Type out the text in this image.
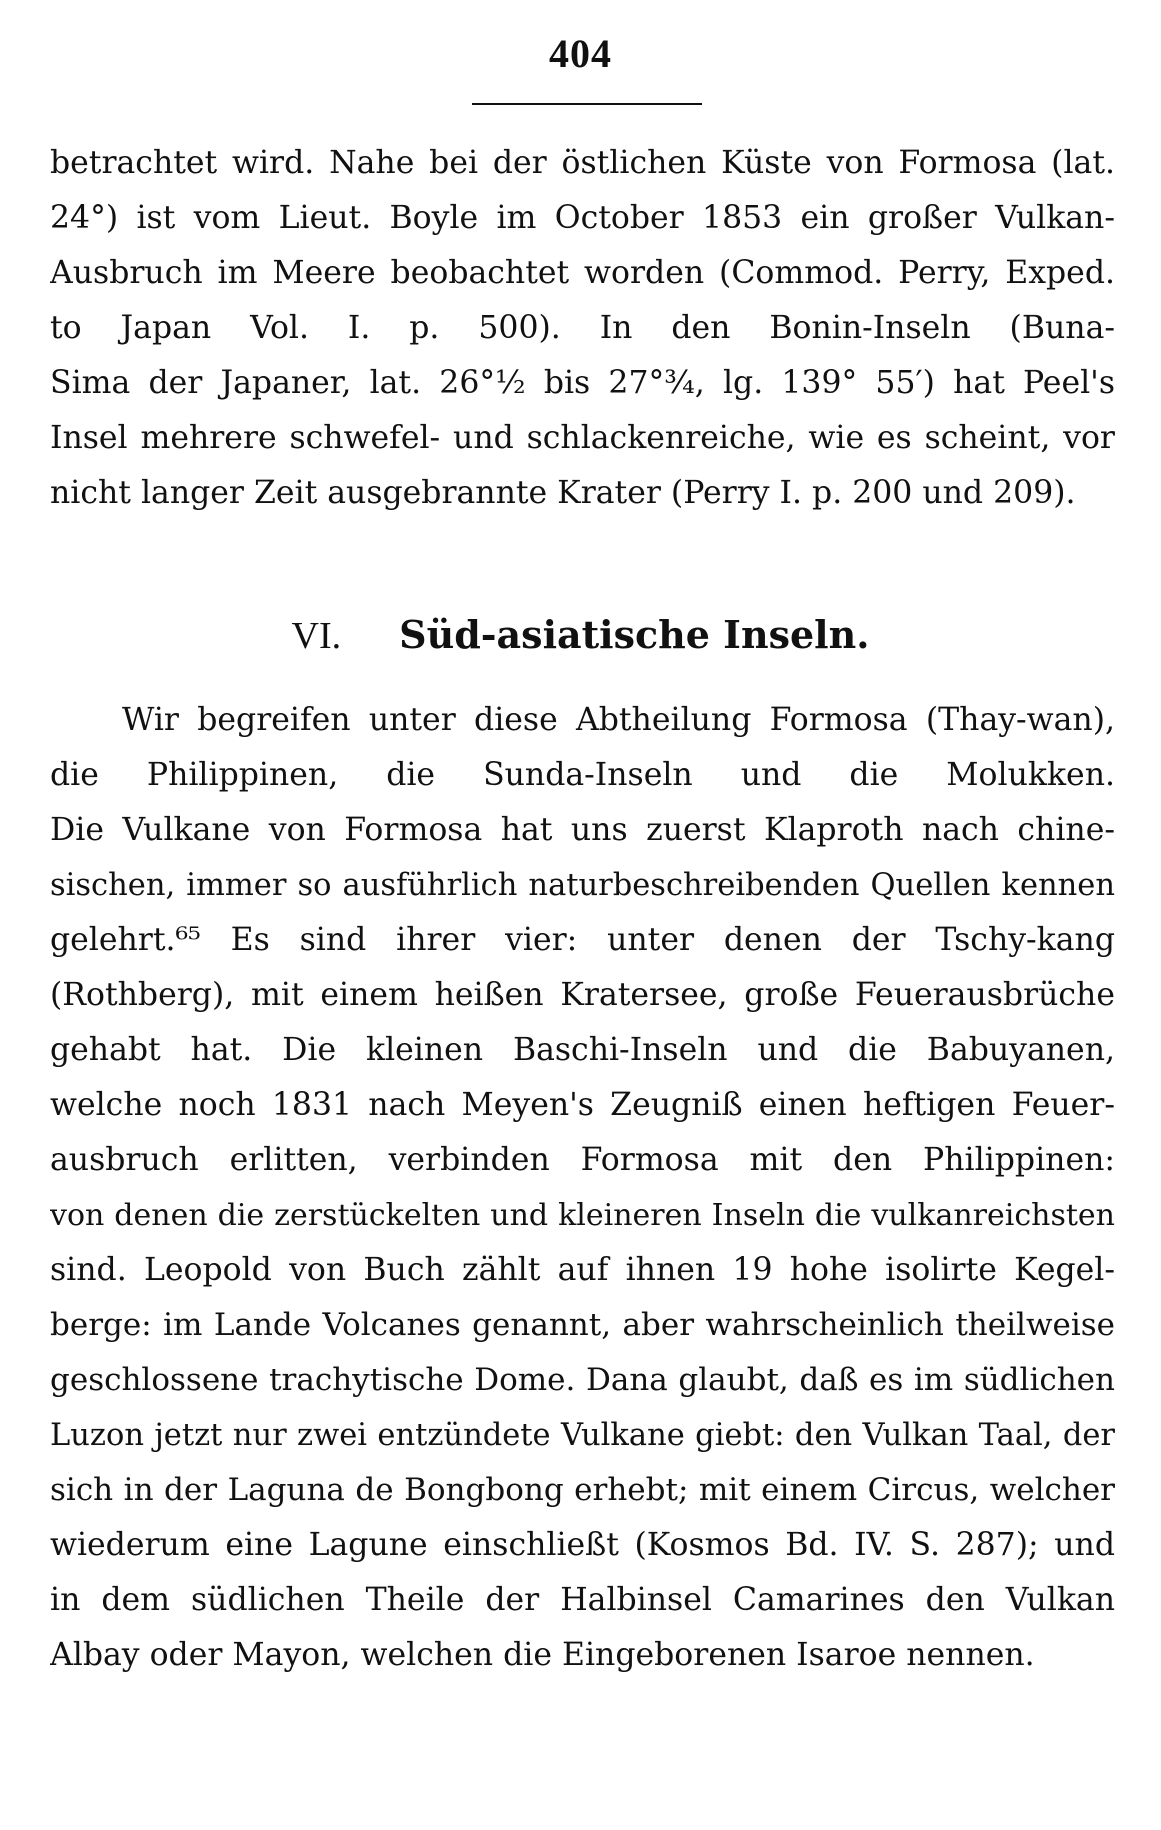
404
betrachtet wird. Nahe bei der östlichen Küste von Formosa (lat.
24°) ist vom Lieut. Boyle im October 1853 ein großer Vulkan-
Ausbruch im Meere beobachtet worden (Commod. Perry, Exped.
to Japan Vol. I. p. 500). In den Bonin-Inseln (Buna-
Sima der Japaner, lat. 26°½ bis 27°¾, lg. 139° 55′) hat Peel's
Insel mehrere schwefel- und schlackenreiche, wie es scheint, vor
nicht langer Zeit ausgebrannte Krater (Perry I. p. 200 und 209).
VI. Süd-asiatische Inseln.
Wir begreifen unter diese Abtheilung Formosa (Thay-wan),
die Philippinen, die Sunda-Inseln und die Molukken.
Die Vulkane von Formosa hat uns zuerst Klaproth nach chine-
sischen, immer so ausführlich naturbeschreibenden Quellen kennen
gelehrt.⁶⁵ Es sind ihrer vier: unter denen der Tschy-kang
(Rothberg), mit einem heißen Kratersee, große Feuerausbrüche
gehabt hat. Die kleinen Baschi-Inseln und die Babuyanen,
welche noch 1831 nach Meyen's Zeugniß einen heftigen Feuer-
ausbruch erlitten, verbinden Formosa mit den Philippinen:
von denen die zerstückelten und kleineren Inseln die vulkanreichsten
sind. Leopold von Buch zählt auf ihnen 19 hohe isolirte Kegel-
berge: im Lande Volcanes genannt, aber wahrscheinlich theilweise
geschlossene trachytische Dome. Dana glaubt, daß es im südlichen
Luzon jetzt nur zwei entzündete Vulkane giebt: den Vulkan Taal, der
sich in der Laguna de Bongbong erhebt; mit einem Circus, welcher
wiederum eine Lagune einschließt (Kosmos Bd. IV. S. 287); und
in dem südlichen Theile der Halbinsel Camarines den Vulkan
Albay oder Mayon, welchen die Eingeborenen Isaroe nennen.
